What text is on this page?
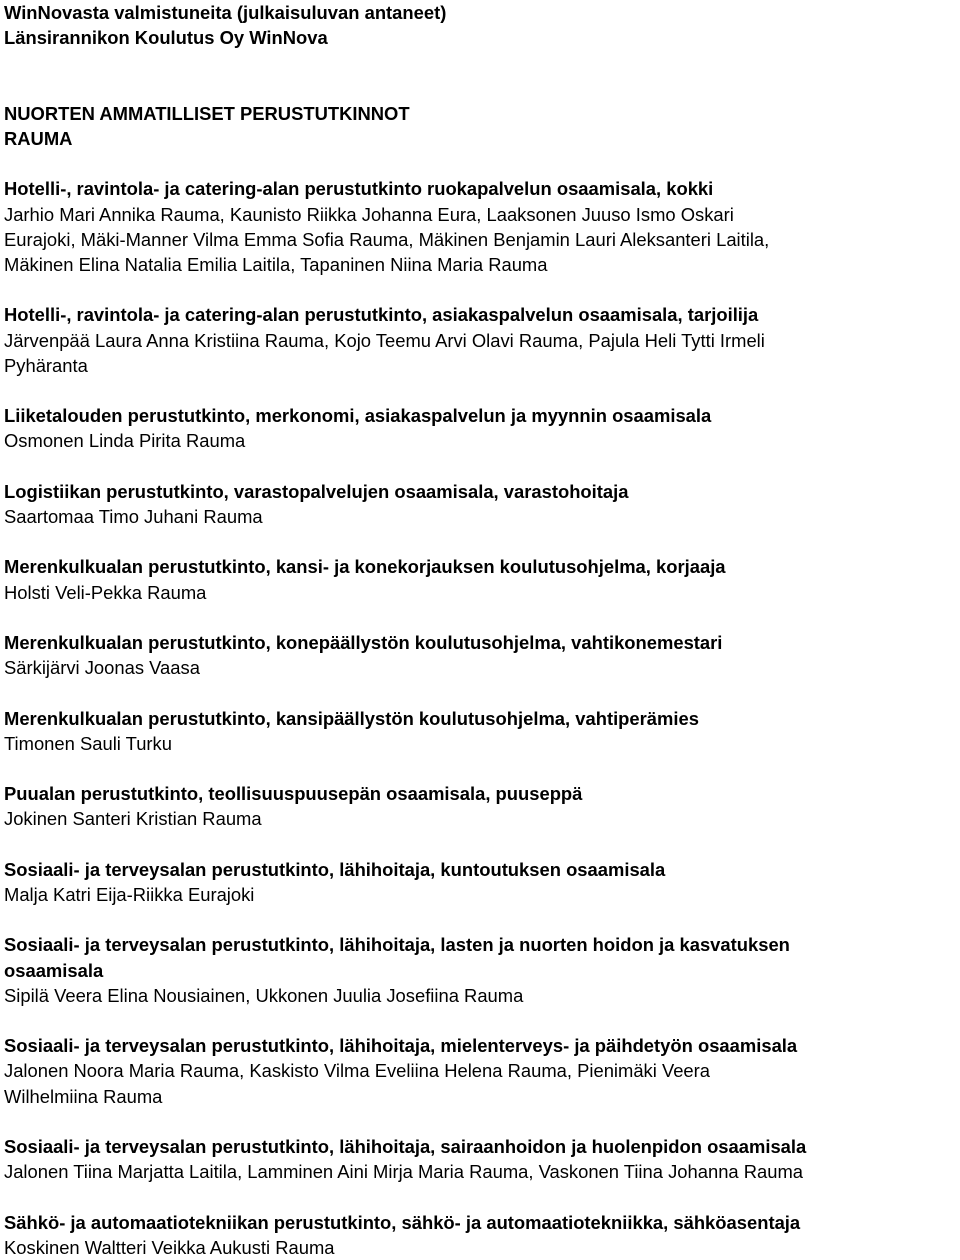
WinNovasta valmistuneita (julkaisuluvan antaneet)

Länsirannikon Koulutus Oy WinNova

NUORTEN AMMATILLISET PERUSTUTKINNOT

RAUMA

Hotelli-, ravintola- ja catering-alan perustutkinto ruokapalvelun osaamisala, kokki

Jarhio Mari Annika Rauma, Kaunisto Riikka Johanna Eura, Laaksonen Juuso Ismo Oskari

Eurajoki, Mäki-Manner Vilma Emma Sofia Rauma, Mäkinen Benjamin Lauri Aleksanteri Laitila,

Mäkinen Elina Natalia Emilia Laitila, Tapaninen Niina Maria Rauma

Hotelli-, ravintola- ja catering-alan perustutkinto, asiakaspalvelun osaamisala, tarjoilija

Järvenpää Laura Anna Kristiina Rauma, Kojo Teemu Arvi Olavi Rauma, Pajula Heli Tytti Irmeli

Pyhäranta

Liiketalouden perustutkinto, merkonomi, asiakaspalvelun ja myynnin osaamisala

Osmonen Linda Pirita Rauma

Logistiikan perustutkinto, varastopalvelujen osaamisala, varastohoitaja

Saartomaa Timo Juhani Rauma

Merenkulkualan perustutkinto, kansi- ja konekorjauksen koulutusohjelma, korjaaja

Holsti Veli-Pekka Rauma

Merenkulkualan perustutkinto, konepäällystön koulutusohjelma, vahtikonemestari

Särkijärvi Joonas Vaasa

Merenkulkualan perustutkinto, kansipäällystön koulutusohjelma, vahtiperämies

Timonen Sauli Turku

Puualan perustutkinto, teollisuuspuusepän osaamisala, puuseppä

Jokinen Santeri Kristian Rauma

Sosiaali- ja terveysalan perustutkinto, lähihoitaja, kuntoutuksen osaamisala

Malja Katri Eija-Riikka Eurajoki

Sosiaali- ja terveysalan perustutkinto, lähihoitaja, lasten ja nuorten hoidon ja kasvatuksen

osaamisala

Sipilä Veera Elina Nousiainen, Ukkonen Juulia Josefiina Rauma

Sosiaali- ja terveysalan perustutkinto, lähihoitaja, mielenterveys- ja päihdetyön osaamisala

Jalonen Noora Maria Rauma, Kaskisto Vilma Eveliina Helena Rauma, Pienimäki Veera

Wilhelmiina Rauma

Sosiaali- ja terveysalan perustutkinto, lähihoitaja, sairaanhoidon ja huolenpidon osaamisala

Jalonen Tiina Marjatta Laitila, Lamminen Aini Mirja Maria Rauma, Vaskonen Tiina Johanna Rauma

Sähkö- ja automaatiotekniikan perustutkinto, sähkö- ja automaatiotekniikka, sähköasentaja

Koskinen Waltteri Veikka Aukusti Rauma
